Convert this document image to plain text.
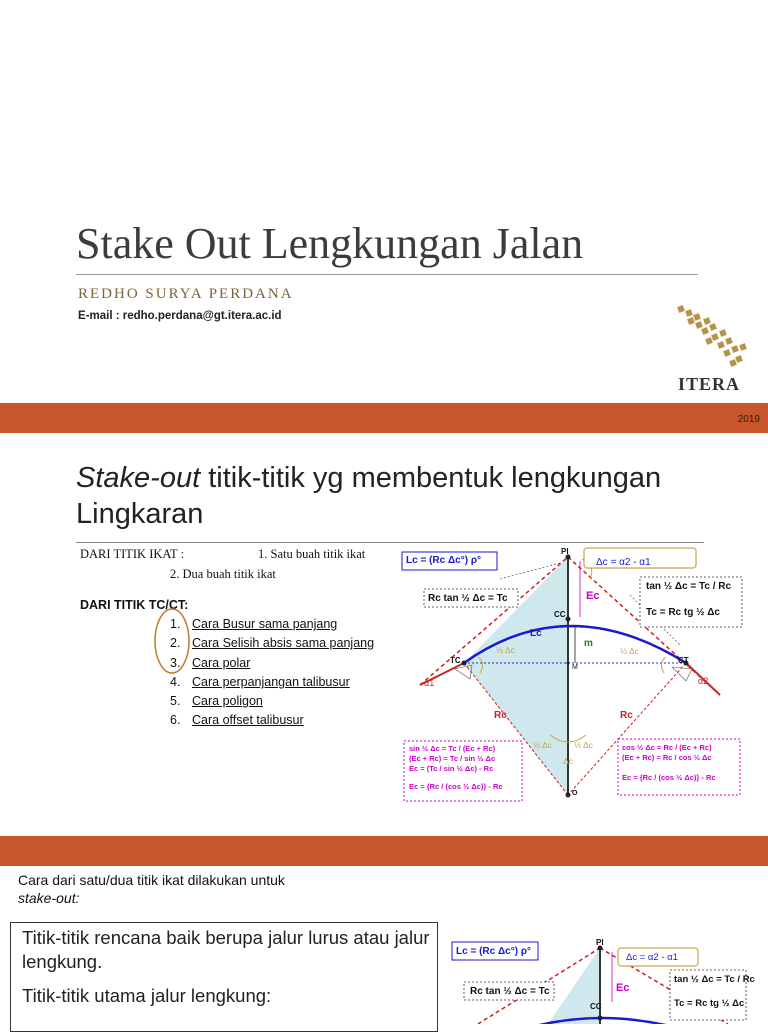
Stake Out Lengkungan Jalan
REDHO SURYA PERDANA
E-mail : redho.perdana@gt.itera.ac.id
ITERA
2019
Stake-out titik-titik yg membentuk lengkungan Lingkaran
DARI TITIK IKAT :	1. Satu buah titik ikat
2. Dua buah titik ikat
DARI TITIK TC/CT:
1. Cara Busur sama panjang
2. Cara Selisih absis sama panjang
3. Cara polar
4. Cara perpanjangan talibusur
5. Cara poligon
6. Cara offset talibusur
Lc = (Rc Δc°) ρ°	Δc = α2 - α1
Rc tan ½ Δc = Tc
tan ½ Δc = Tc / Rc
Tc = Rc tg ½ Δc
PI
Ec
CC
Lc
m
TC	CT
½ Δc	½ Δc
α1	α2
Rc	Rc
M
½ Δc	½ Δc
Δc
O
sin ½ Δc = Tc / (Ec + Rc)
(Ec + Rc) = Tc / sin ½ Δc
Ec = (Tc / sin ½ Δc) - Rc
Ec = {Rc / (cos ½ Δc)} - Rc
cos ½ Δc = Rc / (Ec + Rc)
(Ec + Rc) = Rc / cos ½ Δc
Ec = {Rc / (cos ½ Δc)} - Rc
Cara dari satu/dua titik ikat dilakukan untuk
stake-out:
Titik-titik rencana baik berupa jalur lurus atau jalur lengkung.
Titik-titik utama jalur lengkung:
Lc = (Rc Δc°) ρ°
Δc = α2 - α1
Rc tan ½ Δc = Tc
tan ½ Δc = Tc / Rc
Tc = Rc tg ½ Δc
PI
Ec
CC
